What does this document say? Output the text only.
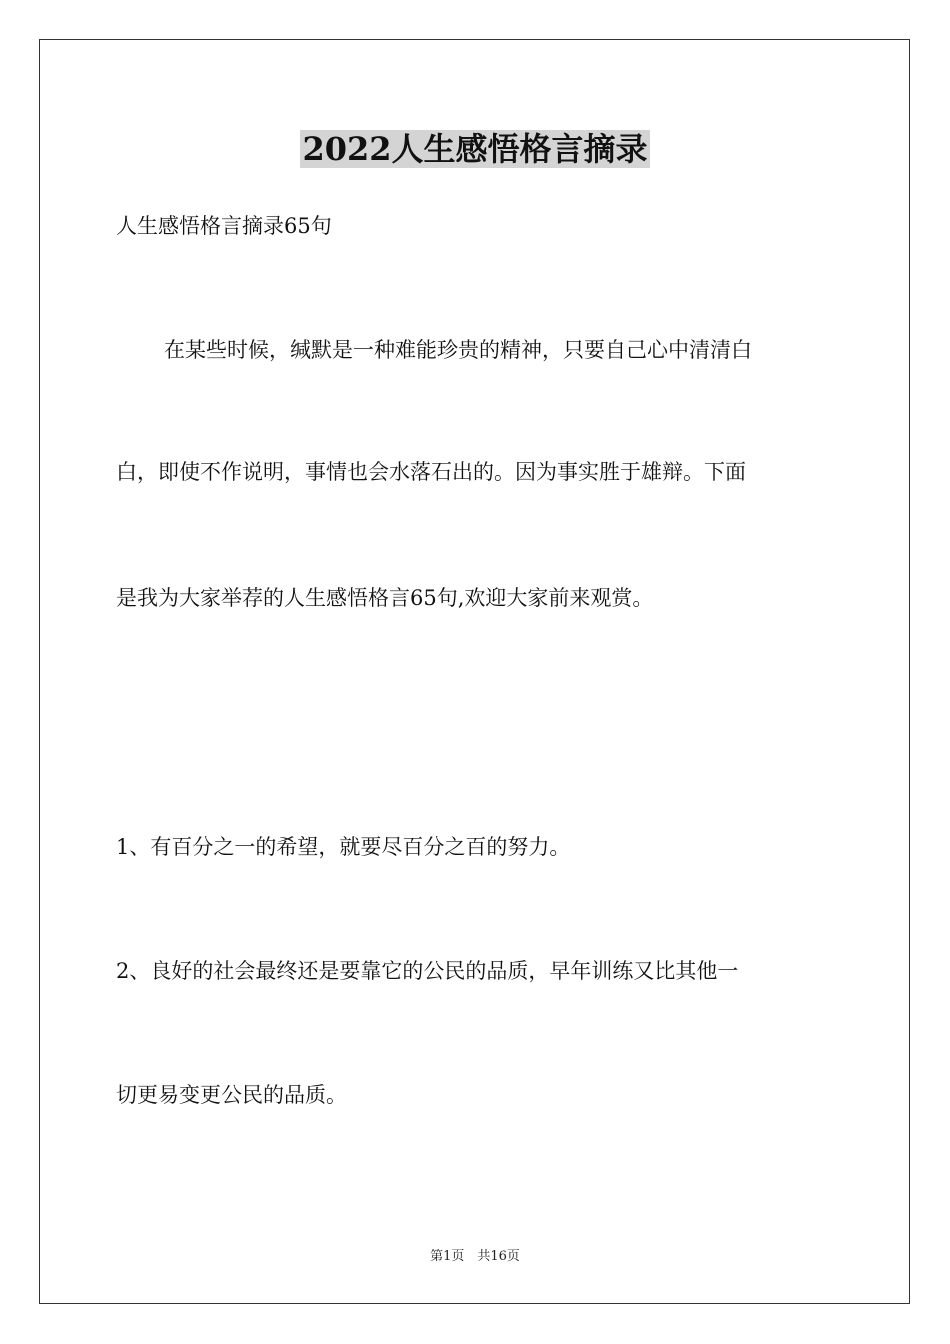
2022人生感悟格言摘录
人生感悟格言摘录65句
在某些时候，缄默是一种难能珍贵的精神，只要自己心中清清白
白，即使不作说明，事情也会水落石出的。因为事实胜于雄辩。下面
是我为大家举荐的人生感悟格言65句,欢迎大家前来观赏。
1、有百分之一的希望，就要尽百分之百的努力。
2、良好的社会最终还是要靠它的公民的品质，早年训练又比其他一
切更易变更公民的品质。
第1页　共16页
